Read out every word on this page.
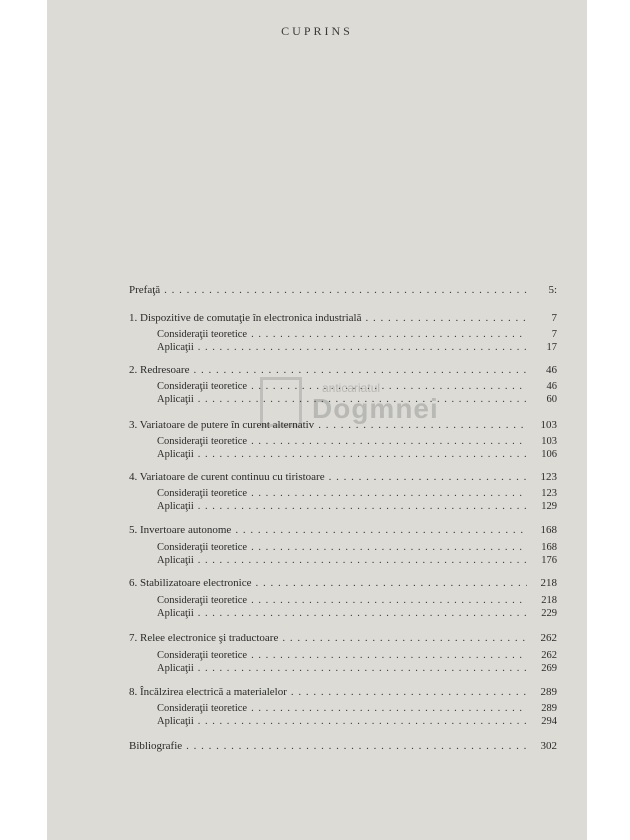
CUPRINS
anticariatul
Dogmnei
Prefaţă . . .	5:
1. Dispozitive de comutaţie în electronica industrială . . .	7
Consideraţii teoretice . . .	7
Aplicaţii . . .	17
2. Redresoare . . .	46
Consideraţii teoretice . . .	46
Aplicaţii . . .	60
3. Variatoare de putere în curent alternativ . . .	103
Consideraţii teoretice . . .	103
Aplicaţii . . .	106
4. Variatoare de curent continuu cu tiristoare . . .	123
Consideraţii teoretice . . .	123
Aplicaţii . . .	129
5. Invertoare autonome . . .	168
Consideraţii teoretice . . .	168
Aplicaţii . . .	176
6. Stabilizatoare electronice . . .	218
Consideraţii teoretice . . .	218
Aplicaţii . . .	229
7. Relee electronice şi traductoare . . .	262
Consideraţii teoretice . . .	262
Aplicaţii . . .	269
8. Încălzirea electrică a materialelor . . .	289
Consideraţii teoretice . . .	289
Aplicaţii . . .	294
Bibliografie . . .	302
